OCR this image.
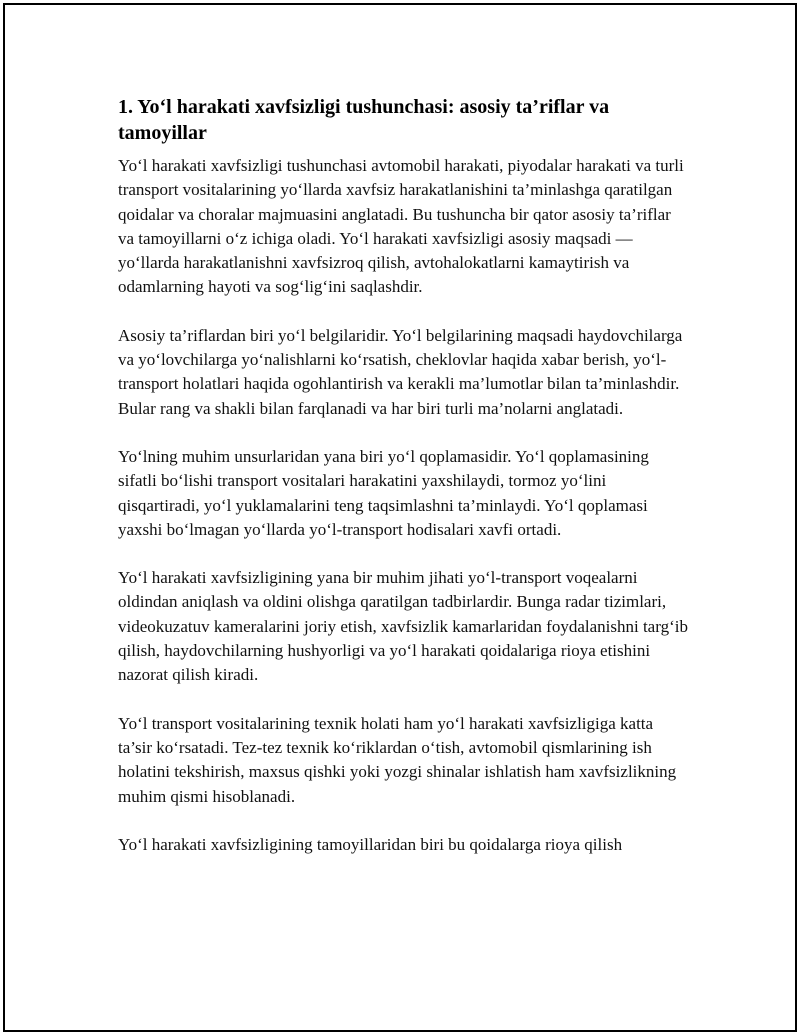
1. Yo‘l harakati xavfsizligi tushunchasi: asosiy ta’riflar va tamoyillar

Yo‘l harakati xavfsizligi tushunchasi avtomobil harakati, piyodalar harakati va turli transport vositalarining yo‘llarda xavfsiz harakatlanishini ta’minlashga qaratilgan qoidalar va choralar majmuasini anglatadi. Bu tushuncha bir qator asosiy ta’riflar va tamoyillarni o‘z ichiga oladi. Yo‘l harakati xavfsizligi asosiy maqsadi — yo‘llarda harakatlanishni xavfsizroq qilish, avtohalokatlarni kamaytirish va odamlarning hayoti va sog‘lig‘ini saqlashdir.

Asosiy ta’riflardan biri yo‘l belgilaridir. Yo‘l belgilarining maqsadi haydovchilarga va yo‘lovchilarga yo‘nalishlarni ko‘rsatish, cheklovlar haqida xabar berish, yo‘l-transport holatlari haqida ogohlantirish va kerakli ma’lumotlar bilan ta’minlashdir. Bular rang va shakli bilan farqlanadi va har biri turli ma’nolarni anglatadi.

Yo‘lning muhim unsurlaridan yana biri yo‘l qoplamasidir. Yo‘l qoplamasining sifatli bo‘lishi transport vositalari harakatini yaxshilaydi, tormoz yo‘lini qisqartiradi, yo‘l yuklamalarini teng taqsimlashni ta’minlaydi. Yo‘l qoplamasi yaxshi bo‘lmagan yo‘llarda yo‘l-transport hodisalari xavfi ortadi.

Yo‘l harakati xavfsizligining yana bir muhim jihati yo‘l-transport voqealarni oldindan aniqlash va oldini olishga qaratilgan tadbirlardir. Bunga radar tizimlari, videokuzatuv kameralarini joriy etish, xavfsizlik kamarlaridan foydalanishni targ‘ib qilish, haydovchilarning hushyorligi va yo‘l harakati qoidalariga rioya etishini nazorat qilish kiradi.

Yo‘l transport vositalarining texnik holati ham yo‘l harakati xavfsizligiga katta ta’sir ko‘rsatadi. Tez-tez texnik ko‘riklardan o‘tish, avtomobil qismlarining ish holatini tekshirish, maxsus qishki yoki yozgi shinalar ishlatish ham xavfsizlikning muhim qismi hisoblanadi.

Yo‘l harakati xavfsizligining tamoyillaridan biri bu qoidalarga rioya qilish
